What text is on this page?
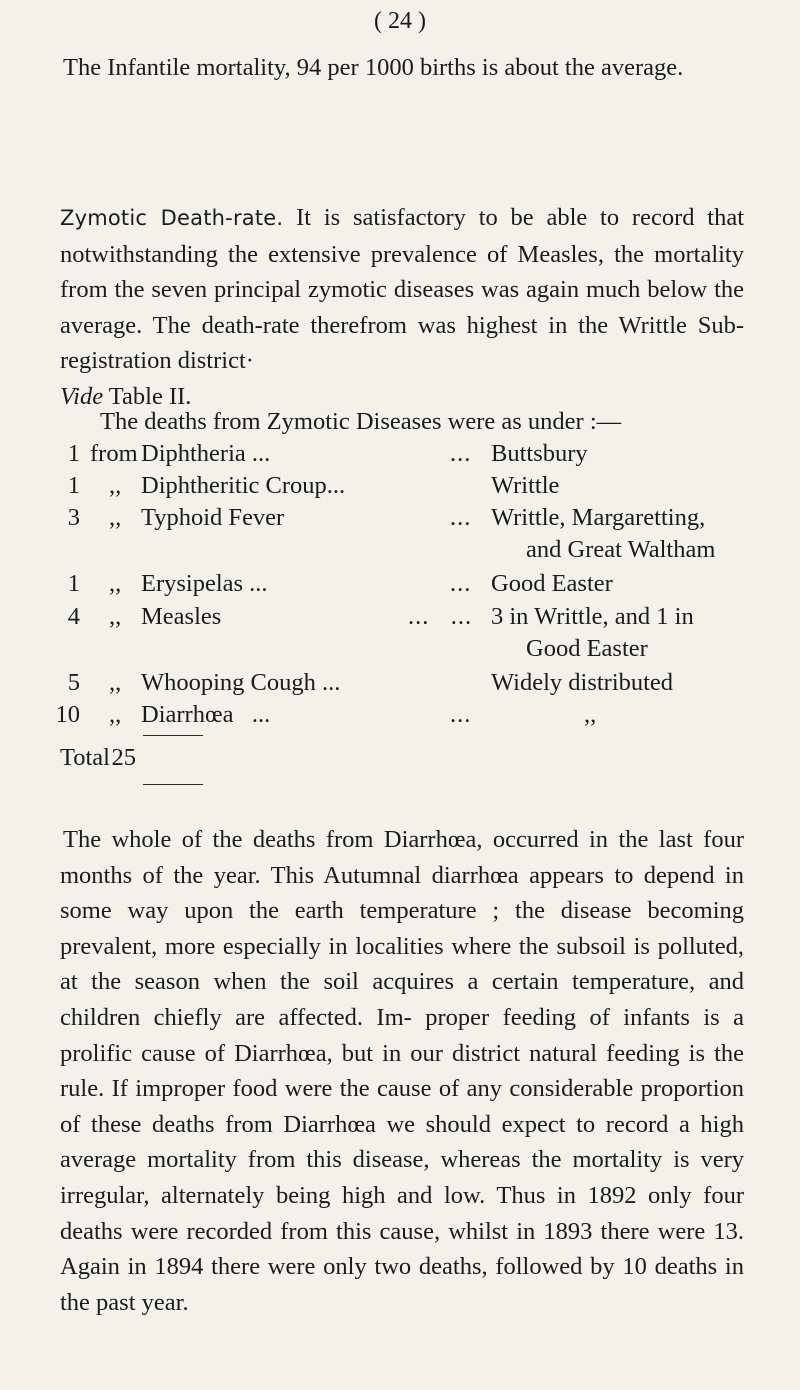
( 24 )

The Infantile mortality, 94 per 1000 births is about the average.

Zymotic Death-rate. It is satisfactory to be able to record that notwithstanding the extensive prevalence of Measles, the mortality from the seven principal zymotic diseases was again much below the average. The death-rate therefrom was highest in the Writtle Sub-registration district·
Vide Table II.

The deaths from Zymotic Diseases were as under :—
1 from Diphtheria ...	... Buttsbury
1 ,, Diphtheritic Croup...	Writtle
3 ,, Typhoid Fever	... Writtle, Margaretting,
and Great Waltham
1 ,, Erysipelas ...	... Good Easter
4 ,, Measles	...   ... 3 in Writtle, and 1 in
Good Easter
5 ,, Whooping Cough ...	Widely distributed
10 ,, Diarrhœa   ...	...	,,
Total 25

The whole of the deaths from Diarrhœa, occurred in the last four months of the year. This Autumnal diarrhœa appears to depend in some way upon the earth temperature ; the disease becoming prevalent, more especially in localities where the subsoil is polluted, at the season when the soil acquires a certain temperature, and children chiefly are affected. Im- proper feeding of infants is a prolific cause of Diarrhœa, but in our district natural feeding is the rule. If improper food were the cause of any considerable proportion of these deaths from Diarrhœa we should expect to record a high average mortality from this disease, whereas the mortality is very irregular, alternately being high and low. Thus in 1892 only four deaths were recorded from this cause, whilst in 1893 there were 13. Again in 1894 there were only two deaths, followed by 10 deaths in the past year.
